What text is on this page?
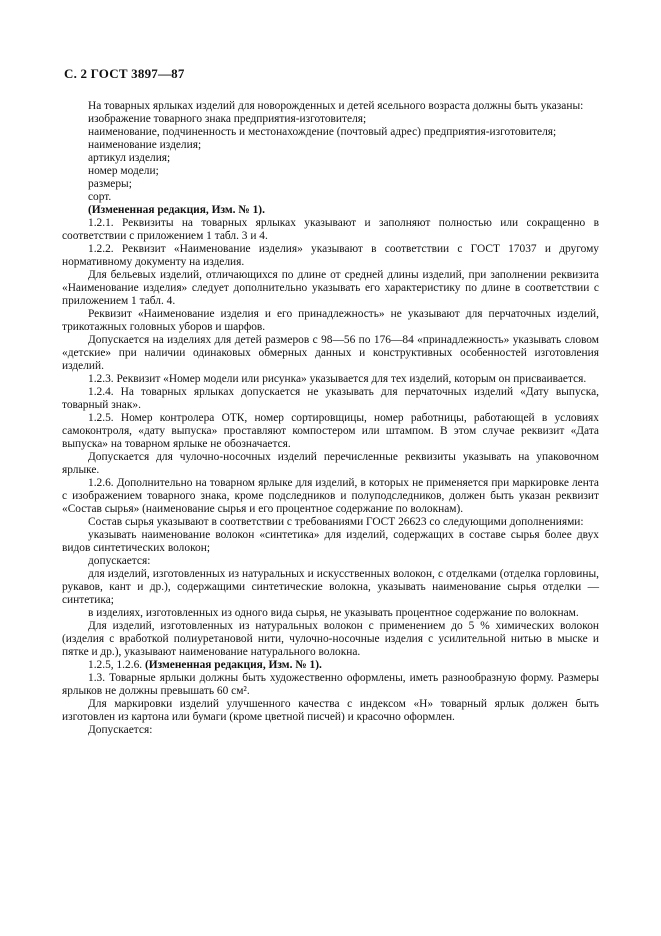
С. 2 ГОСТ 3897—87

На товарных ярлыках изделий для новорожденных и детей ясельного возраста должны быть указаны:

изображение товарного знака предприятия-изготовителя;

наименование, подчиненность и местонахождение (почтовый адрес) предприятия-изготовителя;

наименование изделия;

артикул изделия;

номер модели;

размеры;

сорт.

(Измененная редакция, Изм. № 1).

1.2.1. Реквизиты на товарных ярлыках указывают и заполняют полностью или сокращенно в соответствии с приложением 1 табл. 3 и 4.

1.2.2. Реквизит «Наименование изделия» указывают в соответствии с ГОСТ 17037 и другому нормативному документу на изделия.

Для бельевых изделий, отличающихся по длине от средней длины изделий, при заполнении реквизита «Наименование изделия» следует дополнительно указывать его характеристику по длине в соответствии с приложением 1 табл. 4.

Реквизит «Наименование изделия и его принадлежность» не указывают для перчаточных изделий, трикотажных головных уборов и шарфов.

Допускается на изделиях для детей размеров с 98—56 по 176—84 «принадлежность» указывать словом «детские» при наличии одинаковых обмерных данных и конструктивных особенностей изготовления изделий.

1.2.3. Реквизит «Номер модели или рисунка» указывается для тех изделий, которым он присваивается.

1.2.4. На товарных ярлыках допускается не указывать для перчаточных изделий «Дату выпуска, товарный знак».

1.2.5. Номер контролера ОТК, номер сортировщицы, номер работницы, работающей в условиях самоконтроля, «дату выпуска» проставляют компостером или штампом. В этом случае реквизит «Дата выпуска» на товарном ярлыке не обозначается.

Допускается для чулочно-носочных изделий перечисленные реквизиты указывать на упаковочном ярлыке.

1.2.6. Дополнительно на товарном ярлыке для изделий, в которых не применяется при маркировке лента с изображением товарного знака, кроме подследников и полуподследников, должен быть указан реквизит «Состав сырья» (наименование сырья и его процентное содержание по волокнам).

Состав сырья указывают в соответствии с требованиями ГОСТ 26623 со следующими дополнениями:

указывать наименование волокон «синтетика» для изделий, содержащих в составе сырья более двух видов синтетических волокон;

допускается:

для изделий, изготовленных из натуральных и искусственных волокон, с отделками (отделка горловины, рукавов, кант и др.), содержащими синтетические волокна, указывать наименование сырья отделки — синтетика;

в изделиях, изготовленных из одного вида сырья, не указывать процентное содержание по волокнам.

Для изделий, изготовленных из натуральных волокон с применением до 5 % химических волокон (изделия с вработкой полиуретановой нити, чулочно-носочные изделия с усилительной нитью в мыске и пятке и др.), указывают наименование натурального волокна.

1.2.5, 1.2.6. (Измененная редакция, Изм. № 1).

1.3. Товарные ярлыки должны быть художественно оформлены, иметь разнообразную форму. Размеры ярлыков не должны превышать 60 см².

Для маркировки изделий улучшенного качества с индексом «Н» товарный ярлык должен быть изготовлен из картона или бумаги (кроме цветной писчей) и красочно оформлен.

Допускается:
